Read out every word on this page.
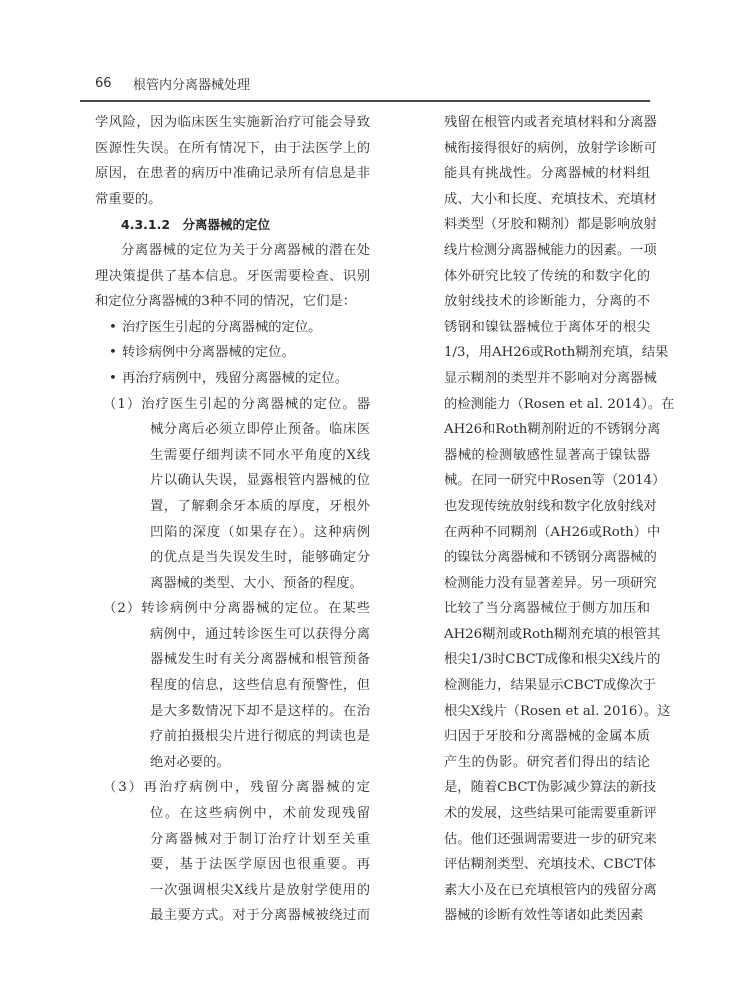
66	根管内分离器械处理
学风险，因为临床医生实施新治疗可能会导致
医源性失误。在所有情况下，由于法医学上的
原因，在患者的病历中准确记录所有信息是非
常重要的。
4.3.1.2　分离器械的定位
分离器械的定位为关于分离器械的潜在处
理决策提供了基本信息。牙医需要检查、识别
和定位分离器械的3种不同的情况，它们是：
• 治疗医生引起的分离器械的定位。
• 转诊病例中分离器械的定位。
• 再治疗病例中，残留分离器械的定位。
（1）治疗医生引起的分离器械的定位。器
械分离后必须立即停止预备。临床医
生需要仔细判读不同水平角度的X线
片以确认失误，显露根管内器械的位
置，了解剩余牙本质的厚度，牙根外
凹陷的深度（如果存在）。这种病例
的优点是当失误发生时，能够确定分
离器械的类型、大小、预备的程度。
（2）转诊病例中分离器械的定位。在某些
病例中，通过转诊医生可以获得分离
器械发生时有关分离器械和根管预备
程度的信息，这些信息有预警性，但
是大多数情况下却不是这样的。在治
疗前拍摄根尖片进行彻底的判读也是
绝对必要的。
（3）再治疗病例中，残留分离器械的定
位。在这些病例中，术前发现残留
分离器械对于制订治疗计划至关重
要，基于法医学原因也很重要。再
一次强调根尖X线片是放射学使用的
最主要方式。对于分离器械被绕过而
残留在根管内或者充填材料和分离器
械衔接得很好的病例，放射学诊断可
能具有挑战性。分离器械的材料组
成、大小和长度、充填技术、充填材
料类型（牙胶和糊剂）都是影响放射
线片检测分离器械能力的因素。一项
体外研究比较了传统的和数字化的
放射线技术的诊断能力，分离的不
锈钢和镍钛器械位于离体牙的根尖
1/3，用AH26或Roth糊剂充填，结果
显示糊剂的类型并不影响对分离器械
的检测能力（Rosen et al. 2014）。在
AH26和Roth糊剂附近的不锈钢分离
器械的检测敏感性显著高于镍钛器
械。在同一研究中Rosen等（2014）
也发现传统放射线和数字化放射线对
在两种不同糊剂（AH26或Roth）中
的镍钛分离器械和不锈钢分离器械的
检测能力没有显著差异。另一项研究
比较了当分离器械位于侧方加压和
AH26糊剂或Roth糊剂充填的根管其
根尖1/3时CBCT成像和根尖X线片的
检测能力，结果显示CBCT成像次于
根尖X线片（Rosen et al. 2016）。这
归因于牙胶和分离器械的金属本质
产生的伪影。研究者们得出的结论
是，随着CBCT伪影减少算法的新技
术的发展，这些结果可能需要重新评
估。他们还强调需要进一步的研究来
评估糊剂类型、充填技术、CBCT体
素大小及在已充填根管内的残留分离
器械的诊断有效性等诸如此类因素
